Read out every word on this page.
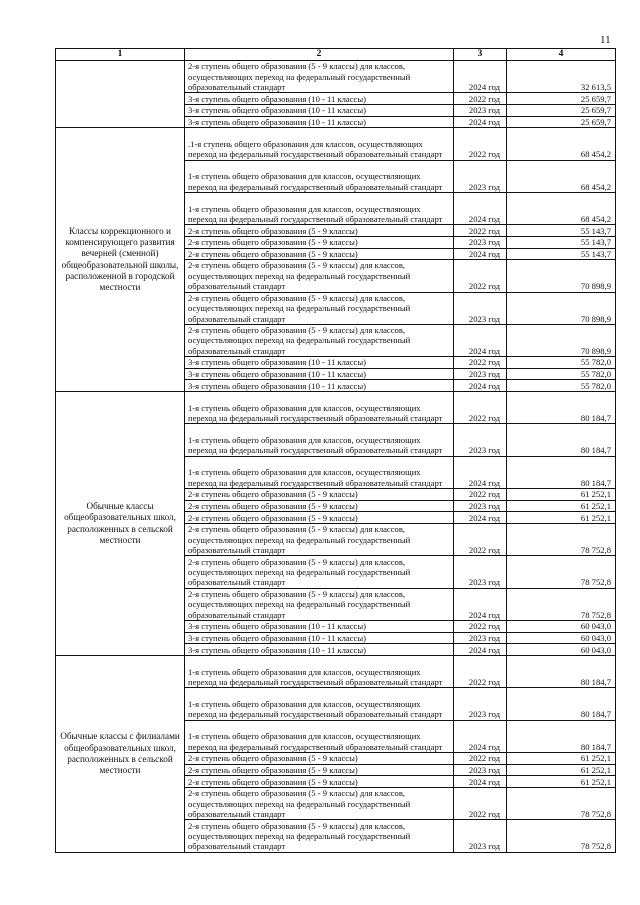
11
1	2	3	4
	2-я ступень общего образования (5 - 9 классы) для классов, осуществляющих переход на федеральный государственный образовательный стандарт	2024 год	32 613,5
	3-я ступень общего образования (10 - 11 классы)	2022 год	25 659,7
	3-я ступень общего образования (10 - 11 классы)	2023 год	25 659,7
	3-я ступень общего образования (10 - 11 классы)	2024 год	25 659,7
Классы коррекционного и компенсирующего развития вечерней (сменной) общеобразовательной школы, расположенной в городской местности	.1-я ступень общего образования для классов, осуществляющих переход на федеральный государственный образовательный стандарт	2022 год	68 454,2
	1-я ступень общего образования для классов, осуществляющих переход на федеральный государственный образовательный стандарт	2023 год	68 454,2
	1-я ступень общего образования для классов, осуществляющих переход на федеральный государственный образовательный стандарт	2024 год	68 454,2
	2-я ступень общего образования (5 - 9 классы)	2022 год	55 143,7
	2-я ступень общего образования (5 - 9 классы)	2023 год	55 143,7
	2-я ступень общего образования (5 - 9 классы)	2024 год	55 143,7
	2-я ступень общего образования (5 - 9 классы) для классов, осуществляющих переход на федеральный государственный образовательный стандарт	2022 год	70 898,9
	2-я ступень общего образования (5 - 9 классы) для классов, осуществляющих переход на федеральный государственный образовательный стандарт	2023 год	70 898,9
	2-я ступень общего образования (5 - 9 классы) для классов, осуществляющих переход на федеральный государственный образовательный стандарт	2024 год	70 898,9
	3-я ступень общего образования (10 - 11 классы)	2022 год	55 782,0
	3-я ступень общего образования (10 - 11 классы)	2023 год	55 782,0
	3-я ступень общего образования (10 - 11 классы)	2024 год	55 782,0
Обычные классы общеобразовательных школ, расположенных в сельской местности	1-я ступень общего образования для классов, осуществляющих переход на федеральный государственный образовательный стандарт	2022 год	80 184,7
	1-я ступень общего образования для классов, осуществляющих переход на федеральный государственный образовательный стандарт	2023 год	80 184,7
	1-я ступень общего образования для классов, осуществляющих переход на федеральный государственный образовательный стандарт	2024 год	80 184,7
	2-я ступень общего образования (5 - 9 классы)	2022 год	61 252,1
	2-я ступень общего образования (5 - 9 классы)	2023 год	61 252,1
	2-я ступень общего образования (5 - 9 классы)	2024 год	61 252,1
	2-я ступень общего образования (5 - 9 классы) для классов, осуществляющих переход на федеральный государственный образовательный стандарт	2022 год	78 752,8
	2-я ступень общего образования (5 - 9 классы) для классов, осуществляющих переход на федеральный государственный образовательный стандарт	2023 год	78 752,8
	2-я ступень общего образования (5 - 9 классы) для классов, осуществляющих переход на федеральный государственный образовательный стандарт	2024 год	78 752,8
	3-я ступень общего образования (10 - 11 классы)	2022 год	60 043,0
	3-я ступень общего образования (10 - 11 классы)	2023 год	60 043,0
	3-я ступень общего образования (10 - 11 классы)	2024 год	60 043,0
Обычные классы с филиалами общеобразовательных школ, расположенных в сельской местности	1-я ступень общего образования для классов, осуществляющих переход на федеральный государственный образовательный стандарт	2022 год	80 184,7
	1-я ступень общего образования для классов, осуществляющих переход на федеральный государственный образовательный стандарт	2023 год	80 184,7
	1-я ступень общего образования для классов, осуществляющих переход на федеральный государственный образовательный стандарт	2024 год	80 184,7
	2-я ступень общего образования (5 - 9 классы)	2022 год	61 252,1
	2-я ступень общего образования (5 - 9 классы)	2023 год	61 252,1
	2-я ступень общего образования (5 - 9 классы)	2024 год	61 252,1
	2-я ступень общего образования (5 - 9 классы) для классов, осуществляющих переход на федеральный государственный образовательный стандарт	2022 год	78 752,8
	2-я ступень общего образования (5 - 9 классы) для классов, осуществляющих переход на федеральный государственный образовательный стандарт	2023 год	78 752,8
